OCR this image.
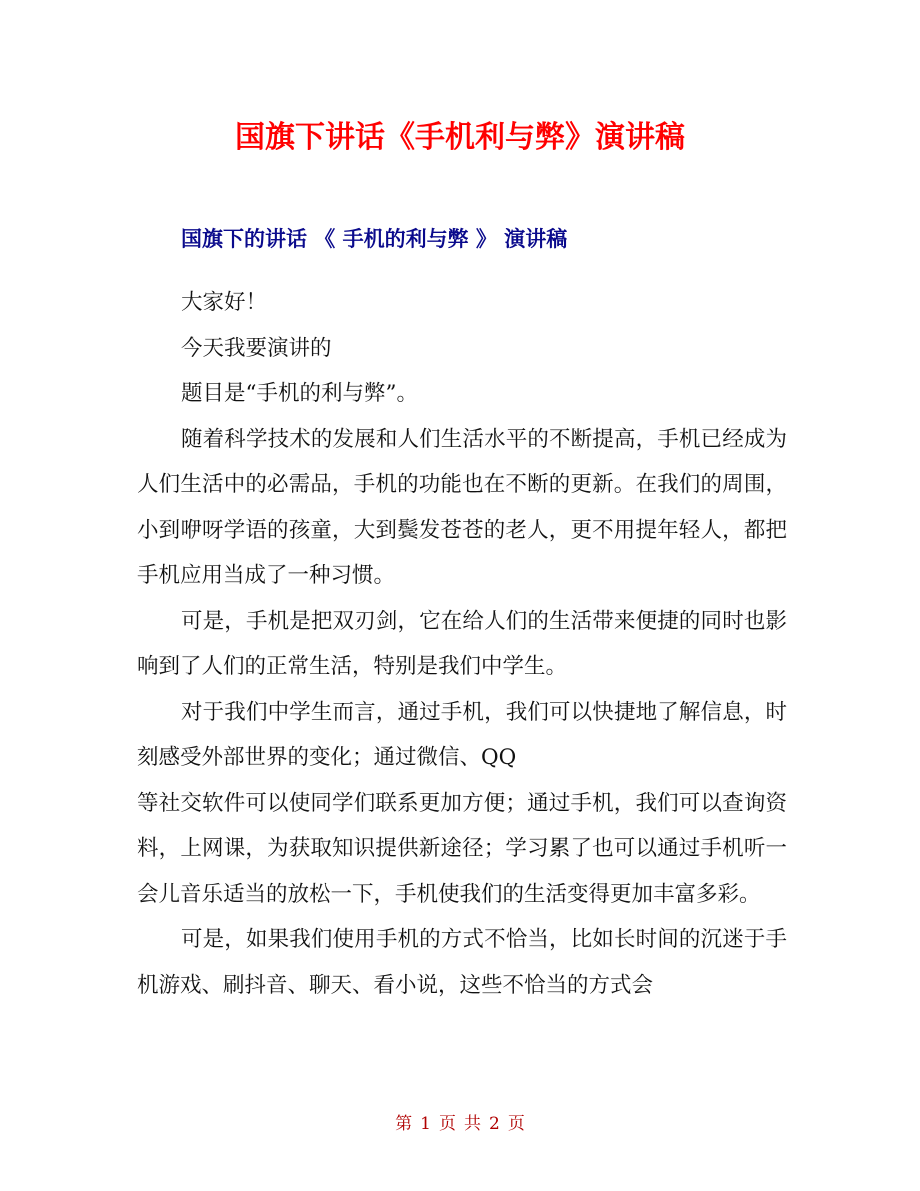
国旗下讲话《手机利与弊》演讲稿
国旗下的讲话 《 手机的利与弊 》 演讲稿

大家好！

今天我要演讲的

题目是“手机的利与弊”。

随着科学技术的发展和人们生活水平的不断提高，手机已经成为人们生活中的必需品，手机的功能也在不断的更新。在我们的周围，小到咿呀学语的孩童，大到鬓发苍苍的老人，更不用提年轻人，都把手机应用当成了一种习惯。

可是，手机是把双刃剑，它在给人们的生活带来便捷的同时也影响到了人们的正常生活，特别是我们中学生。

对于我们中学生而言，通过手机，我们可以快捷地了解信息，时刻感受外部世界的变化；通过微信、QQ

等社交软件可以使同学们联系更加方便；通过手机，我们可以查询资料，上网课，为获取知识提供新途径；学习累了也可以通过手机听一会儿音乐适当的放松一下，手机使我们的生活变得更加丰富多彩。

可是，如果我们使用手机的方式不恰当，比如长时间的沉迷于手机游戏、刷抖音、聊天、看小说，这些不恰当的方式会

第 1 页 共 2 页
